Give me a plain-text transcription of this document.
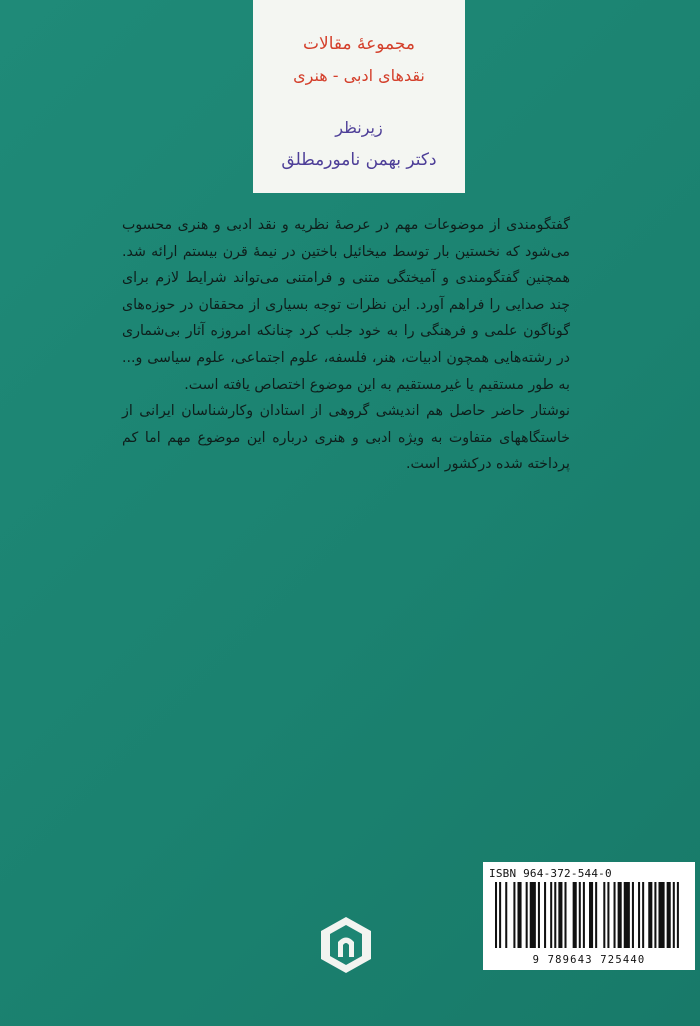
مجموعهٔ مقالات
نقدهای ادبی - هنری
زیرنظر
دکتر بهمن نامورمطلق

گفتگومندی از موضوعات مهم در عرصهٔ نظریه و نقد ادبی و هنری محسوب می‌شود که نخستین بار توسط میخائیل باختین در نیمهٔ قرن بیستم ارائه شد. همچنین گفتگومندی و آمیختگی متنی و فرامتنی می‌تواند شرایط لازم برای چند صدایی را فراهم آورد. این نظرات توجه بسیاری از محققان در حوزه‌های گوناگون علمی و فرهنگی را به خود جلب کرد چنانکه امروزه آثار بی‌شماری در رشته‌هایی همچون ادبیات، هنر، فلسفه، علوم اجتماعی، علوم سیاسی و... به طور مستقیم یا غیرمستقیم به این موضوع اختصاص یافته است.

نوشتار حاضر حاصل هم اندیشی گروهی از استادان وکارشناسان ایرانی از خاستگاههای متفاوت به ویژه ادبی و هنری درباره این موضوع مهم اما کم پرداخته شده درکشور است.

ISBN 964-372-544-0
9 789643 725440
